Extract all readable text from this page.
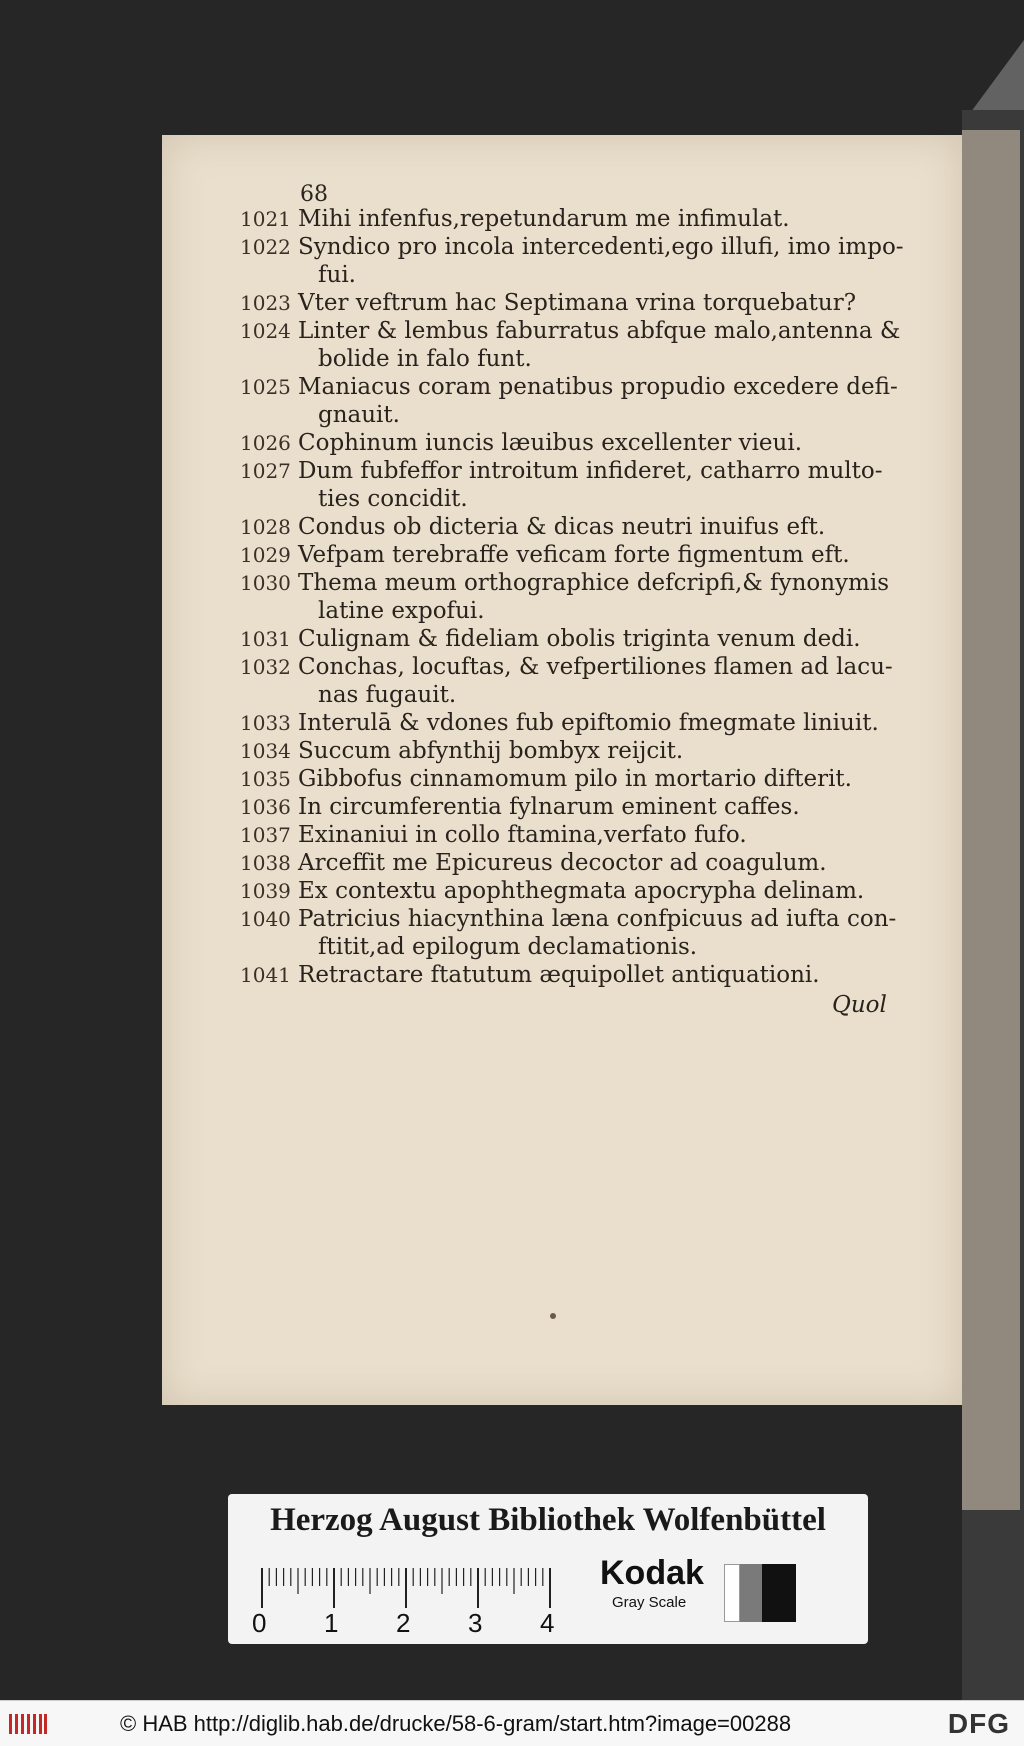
68
1021 Mihi infenfus,repetundarum me infimulat.
1022 Syndico pro incola intercedenti,ego illufi, imo impo-
fui.
1023 Vter veftrum hac Septimana vrina torquebatur?
1024 Linter & lembus faburratus abfque malo,antenna &
bolide in falo funt.
1025 Maniacus coram penatibus propudio excedere defi-
gnauit.
1026 Cophinum iuncis læuibus excellenter vieui.
1027 Dum fubfeffor introitum infideret, catharro multo-
ties concidit.
1028 Condus ob dicteria & dicas neutri inuifus eft.
1029 Vefpam terebraffe veficam forte figmentum eft.
1030 Thema meum orthographice defcripfi,& fynonymis
latine expofui.
1031 Culignam & fideliam obolis triginta venum dedi.
1032 Conchas, locuftas, & vefpertiliones flamen ad lacu-
nas fugauit.
1033 Interulā & vdones fub epiftomio fmegmate liniuit.
1034 Succum abfynthij bombyx reijcit.
1035 Gibbofus cinnamomum pilo in mortario difterit.
1036 In circumferentia fylnarum eminent caffes.
1037 Exinaniui in collo ftamina,verfato fufo.
1038 Arceffit me Epicureus decoctor ad coagulum.
1039 Ex contextu apophthegmata apocrypha delinam.
1040 Patricius hiacynthina læna confpicuus ad iufta con-
ftitit,ad epilogum declamationis.
1041 Retractare ftatutum æquipollet antiquationi.
Quol
Herzog August Bibliothek Wolfenbüttel
0 1 2 3 4
Kodak
Gray Scale
© HAB http://diglib.hab.de/drucke/58-6-gram/start.htm?image=00288	DFG
